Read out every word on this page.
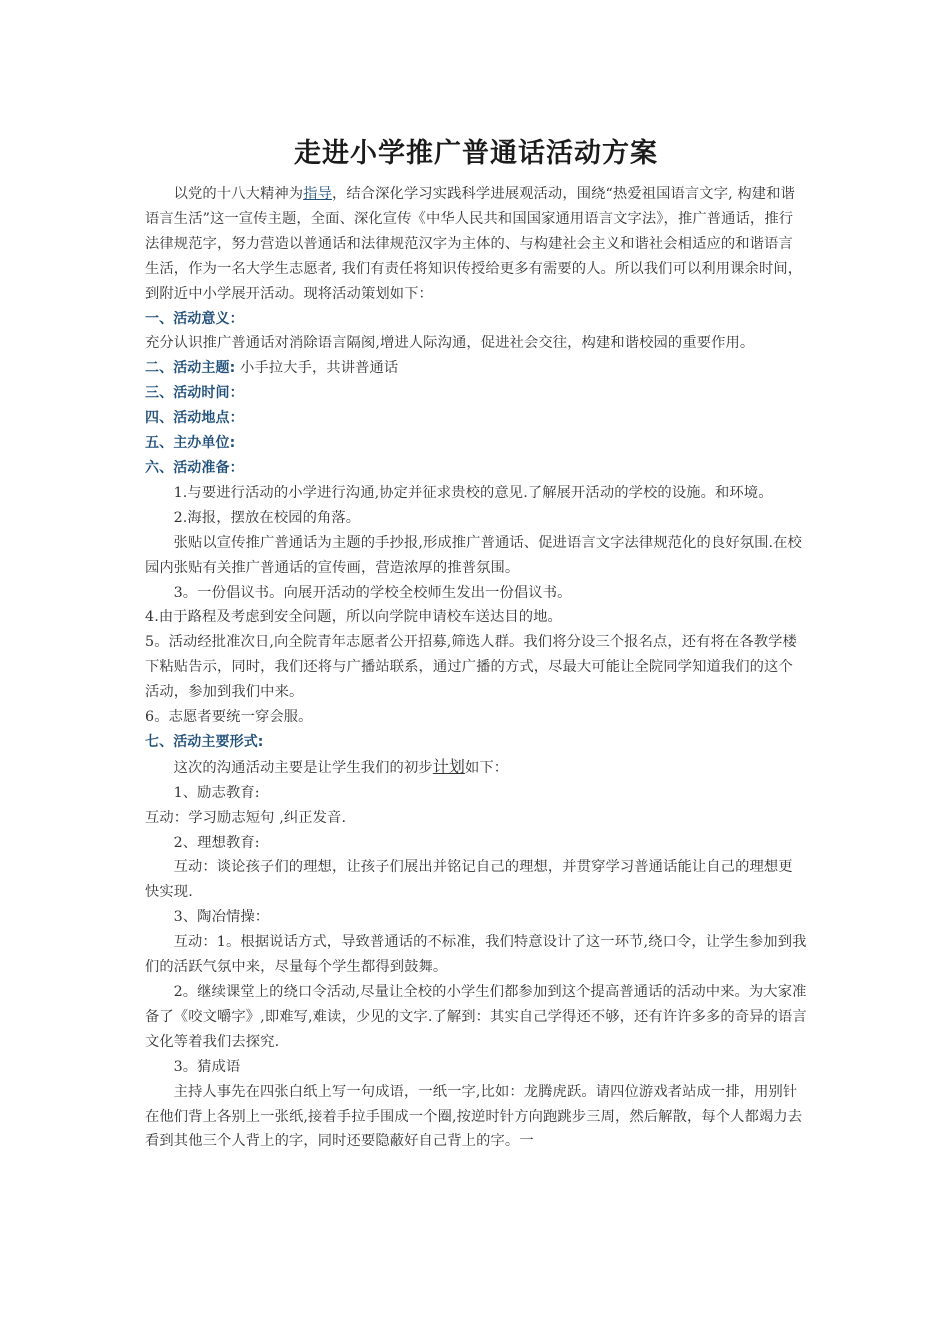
走进小学推广普通话活动方案

以党的十八大精神为指导，结合深化学习实践科学进展观活动，围绕“热爱祖国语言文字, 构建和谐语言生活”这一宣传主题，全面、深化宣传《中华人民共和国国家通用语言文字法》，推广普通话，推行法律规范字，努力营造以普通话和法律规范汉字为主体的、与构建社会主义和谐社会相适应的和谐语言生活，作为一名大学生志愿者, 我们有责任将知识传授给更多有需要的人。所以我们可以利用课余时间，到附近中小学展开活动。现将活动策划如下：

一、活动意义：

充分认识推广普通话对消除语言隔阂,增进人际沟通，促进社会交往，构建和谐校园的重要作用。

二、活动主题: 小手拉大手，共讲普通话

三、活动时间：

四、活动地点：

五、主办单位:

六、活动准备：

1.与要进行活动的小学进行沟通,协定并征求贵校的意见.了解展开活动的学校的设施。和环境。

2.海报，摆放在校园的角落。

张贴以宣传推广普通话为主题的手抄报,形成推广普通话、促进语言文字法律规范化的良好氛围.在校园内张贴有关推广普通话的宣传画，营造浓厚的推普氛围。

3。一份倡议书。向展开活动的学校全校师生发出一份倡议书。

4.由于路程及考虑到安全问题，所以向学院申请校车送达目的地。

5。活动经批准次日,向全院青年志愿者公开招募,筛选人群。我们将分设三个报名点，还有将在各教学楼下粘贴告示，同时，我们还将与广播站联系，通过广播的方式，尽最大可能让全院同学知道我们的这个活动，参加到我们中来。

6。志愿者要统一穿会服。

七、活动主要形式:

这次的沟通活动主要是让学生我们的初步计划如下：

1、励志教育:

互动：学习励志短句 ,纠正发音.

2、理想教育:

互动：谈论孩子们的理想，让孩子们展出并铭记自己的理想，并贯穿学习普通话能让自己的理想更快实现.

3、陶冶情操：

互动：1。根据说话方式，导致普通话的不标准，我们特意设计了这一环节,绕口令，让学生参加到我们的活跃气氛中来，尽量每个学生都得到鼓舞。

2。继续课堂上的绕口令活动,尽量让全校的小学生们都参加到这个提高普通话的活动中来。为大家准备了《咬文嚼字》,即难写,难读，少见的文字.了解到：其实自己学得还不够，还有许许多多的奇异的语言文化等着我们去探究.

3。猜成语

主持人事先在四张白纸上写一句成语，一纸一字,比如：龙腾虎跃。请四位游戏者站成一排，用别针在他们背上各别上一张纸,接着手拉手围成一个圈,按逆时针方向跑跳步三周，然后解散，每个人都竭力去看到其他三个人背上的字，同时还要隐蔽好自己背上的字。一
